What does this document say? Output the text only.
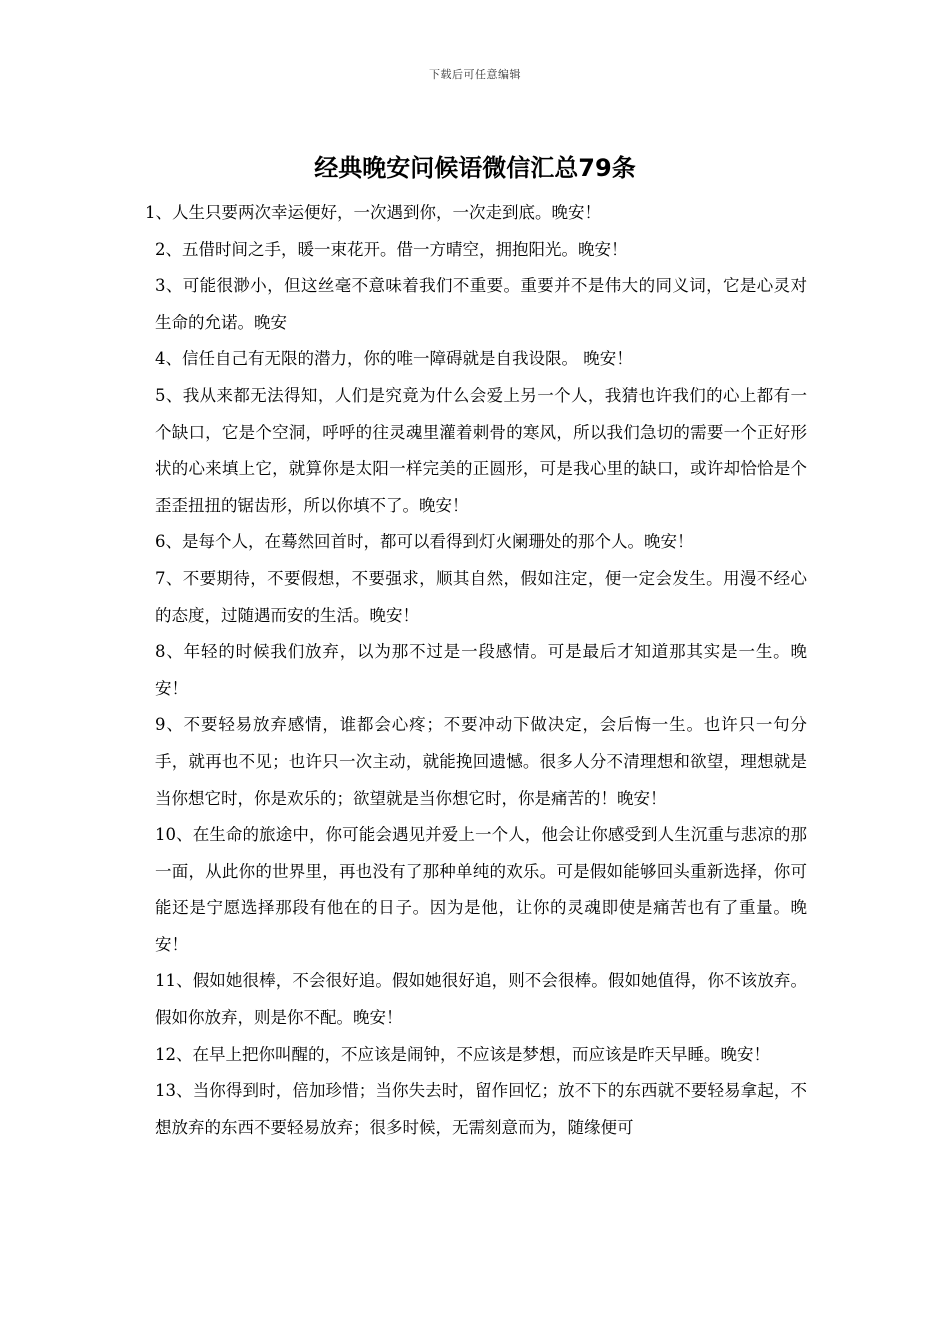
下载后可任意编辑
经典晚安问候语微信汇总79条

1、人生只要两次幸运便好，一次遇到你，一次走到底。晚安！

2、五借时间之手，暖一束花开。借一方晴空，拥抱阳光。晚安！

3、可能很渺小，但这丝毫不意味着我们不重要。重要并不是伟大的同义词，它是心灵对生命的允诺。晚安

4、信任自己有无限的潜力，你的唯一障碍就是自我设限。 晚安！

5、我从来都无法得知，人们是究竟为什么会爱上另一个人，我猜也许我们的心上都有一个缺口，它是个空洞，呼呼的往灵魂里灌着刺骨的寒风，所以我们急切的需要一个正好形状的心来填上它，就算你是太阳一样完美的正圆形，可是我心里的缺口，或许却恰恰是个歪歪扭扭的锯齿形，所以你填不了。晚安！

6、是每个人，在蓦然回首时，都可以看得到灯火阑珊处的那个人。晚安！

7、不要期待，不要假想，不要强求，顺其自然，假如注定，便一定会发生。用漫不经心的态度，过随遇而安的生活。晚安！

8、年轻的时候我们放弃，以为那不过是一段感情。可是最后才知道那其实是一生。晚安！

9、不要轻易放弃感情，谁都会心疼；不要冲动下做决定，会后悔一生。也许只一句分手，就再也不见；也许只一次主动，就能挽回遗憾。很多人分不清理想和欲望，理想就是当你想它时，你是欢乐的；欲望就是当你想它时，你是痛苦的！晚安！

10、在生命的旅途中，你可能会遇见并爱上一个人，他会让你感受到人生沉重与悲凉的那一面，从此你的世界里，再也没有了那种单纯的欢乐。可是假如能够回头重新选择，你可能还是宁愿选择那段有他在的日子。因为是他，让你的灵魂即使是痛苦也有了重量。晚安！

11、假如她很棒，不会很好追。假如她很好追，则不会很棒。假如她值得，你不该放弃。假如你放弃，则是你不配。晚安！

12、在早上把你叫醒的，不应该是闹钟，不应该是梦想，而应该是昨天早睡。晚安！

13、当你得到时，倍加珍惜；当你失去时，留作回忆；放不下的东西就不要轻易拿起，不想放弃的东西不要轻易放弃；很多时候，无需刻意而为，随缘便可
